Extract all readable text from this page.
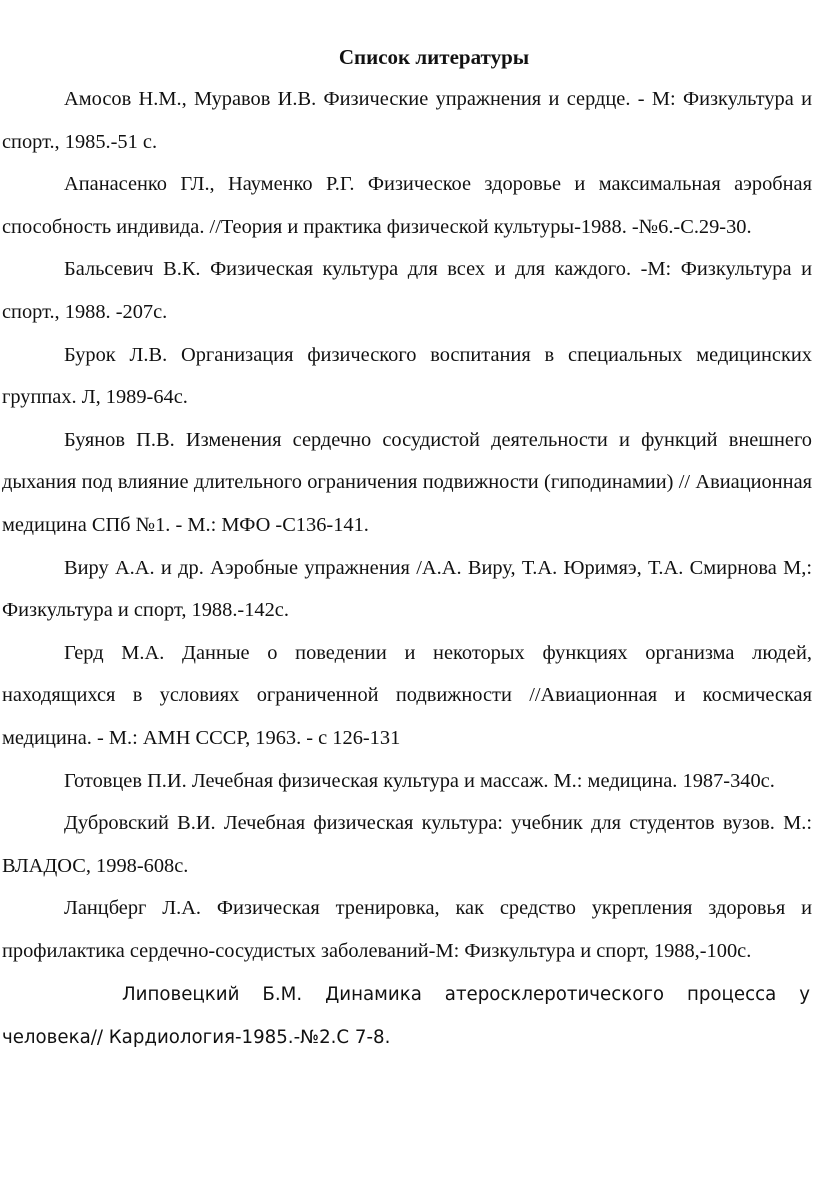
Список литературы

Амосов Н.М., Муравов И.В. Физические упражнения и сердце. - М: Физкультура и спорт., 1985.-51 с.

Апанасенко ГЛ., Науменко Р.Г. Физическое здоровье и максимальная аэробная способность индивида. //Теория и практика физической культуры-1988. -№6.-С.29-30.

Бальсевич В.К. Физическая культура для всех и для каждого. -М: Физкультура и спорт., 1988. -207с.

Бурок Л.В. Организация физического воспитания в специальных медицинских группах. Л, 1989-64с.

Буянов П.В. Изменения сердечно сосудистой деятельности и функций внешнего дыхания под влияние длительного ограничения подвижности (гиподинамии) // Авиационная медицина СПб №1. - М.: МФО -С136-141.

Виру А.А. и др. Аэробные упражнения /А.А. Виру, Т.А. Юримяэ, Т.А. Смирнова М,: Физкультура и спорт, 1988.-142с.

Герд М.А. Данные о поведении и некоторых функциях организма людей, находящихся в условиях ограниченной подвижности //Авиационная и космическая медицина. - М.: АМН СССР, 1963. - с 126-131

Готовцев П.И. Лечебная физическая культура и массаж. М.: медицина. 1987-340с.

Дубровский В.И. Лечебная физическая культура: учебник для студентов вузов. М.: ВЛАДОС, 1998-608с.

Ланцберг Л.А. Физическая тренировка, как средство укрепления здоровья и профилактика сердечно-сосудистых заболеваний-М: Физкультура и спорт, 1988,-100с.

Липовецкий Б.М. Динамика атеросклеротического процесса у человека// Кардиология-1985.-№2.С 7-8.
